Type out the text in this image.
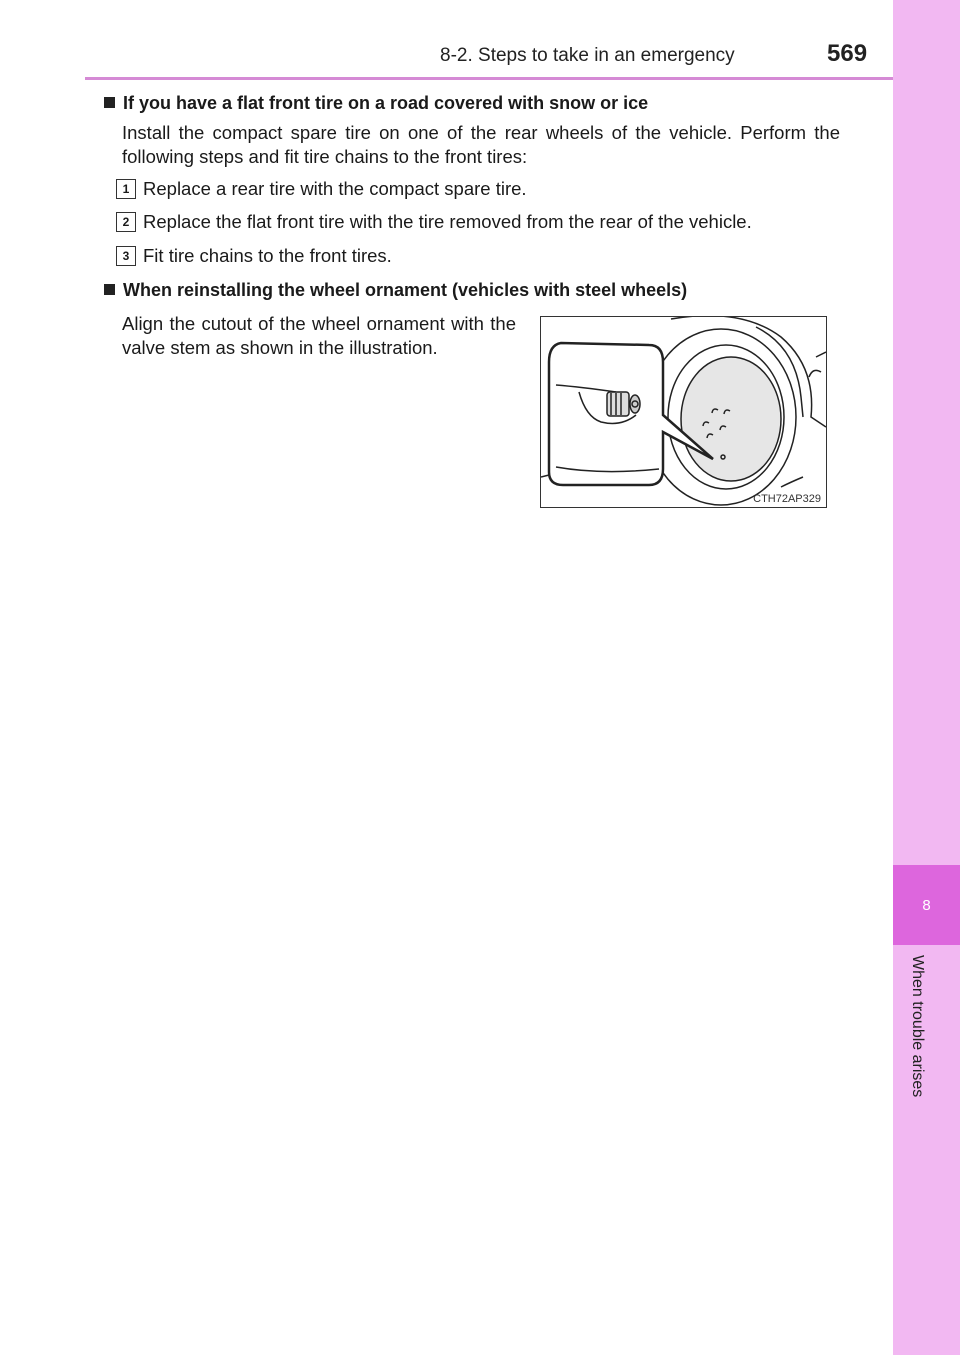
8
When trouble arises
8-2. Steps to take in an emergency	569
If you have a flat front tire on a road covered with snow or ice
Install the compact spare tire on one of the rear wheels of the vehicle. Perform the following steps and fit tire chains to the front tires:
1 Replace a rear tire with the compact spare tire.
2 Replace the flat front tire with the tire removed from the rear of the vehicle.
3 Fit tire chains to the front tires.
When reinstalling the wheel ornament (vehicles with steel wheels)
Align the cutout of the wheel ornament with the valve stem as shown in the illustration.
CTH72AP329
